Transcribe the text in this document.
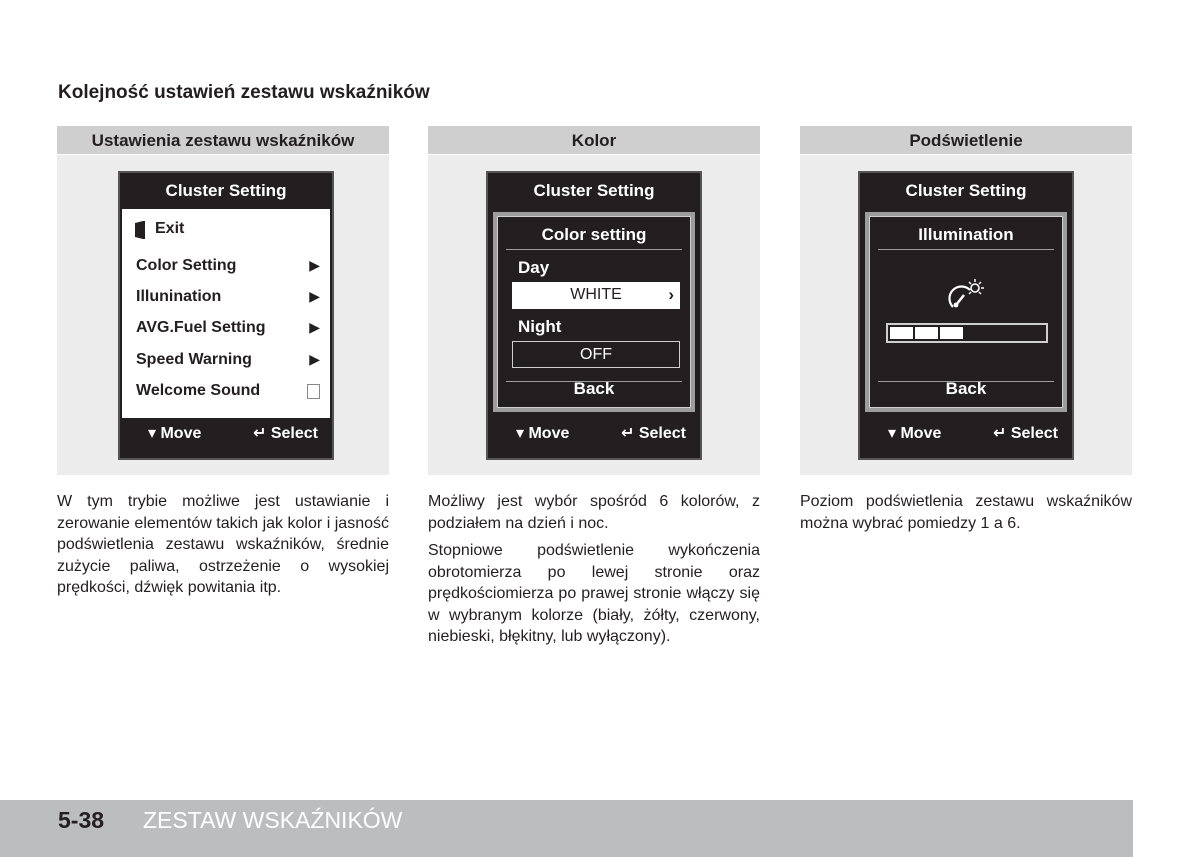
Kolejność ustawień zestawu wskaźników
Ustawienia zestawu wskaźników
Cluster Setting
Exit
Color Setting	▶
Illunination	▶
AVG.Fuel Setting	▶
Speed Warning	▶
Welcome Sound
▾ Move	↵ Select
Kolor
Cluster Setting
Color setting
Day
WHITE	›
Night
OFF
Back
▾ Move	↵ Select
Podświetlenie
Cluster Setting
Illumination
Back
▾ Move	↵ Select

W tym trybie możliwe jest ustawianie i zerowanie elementów takich jak kolor i jasność podświetlenia zestawu wskaźników, średnie zużycie paliwa, ostrzeżenie o wysokiej prędkości, dźwięk powitania itp.

Możliwy jest wybór spośród 6 kolorów, z podziałem na dzień i noc.

Stopniowe podświetlenie wykończenia obrotomierza po lewej stronie oraz prędkościomierza po prawej stronie włączy się w wybranym kolorze (biały, żółty, czerwony, niebieski, błękitny, lub wyłączony).

Poziom podświetlenia zestawu wskaźników można wybrać pomiedzy 1 a 6.

5-38 ZESTAW WSKAŹNIKÓW
